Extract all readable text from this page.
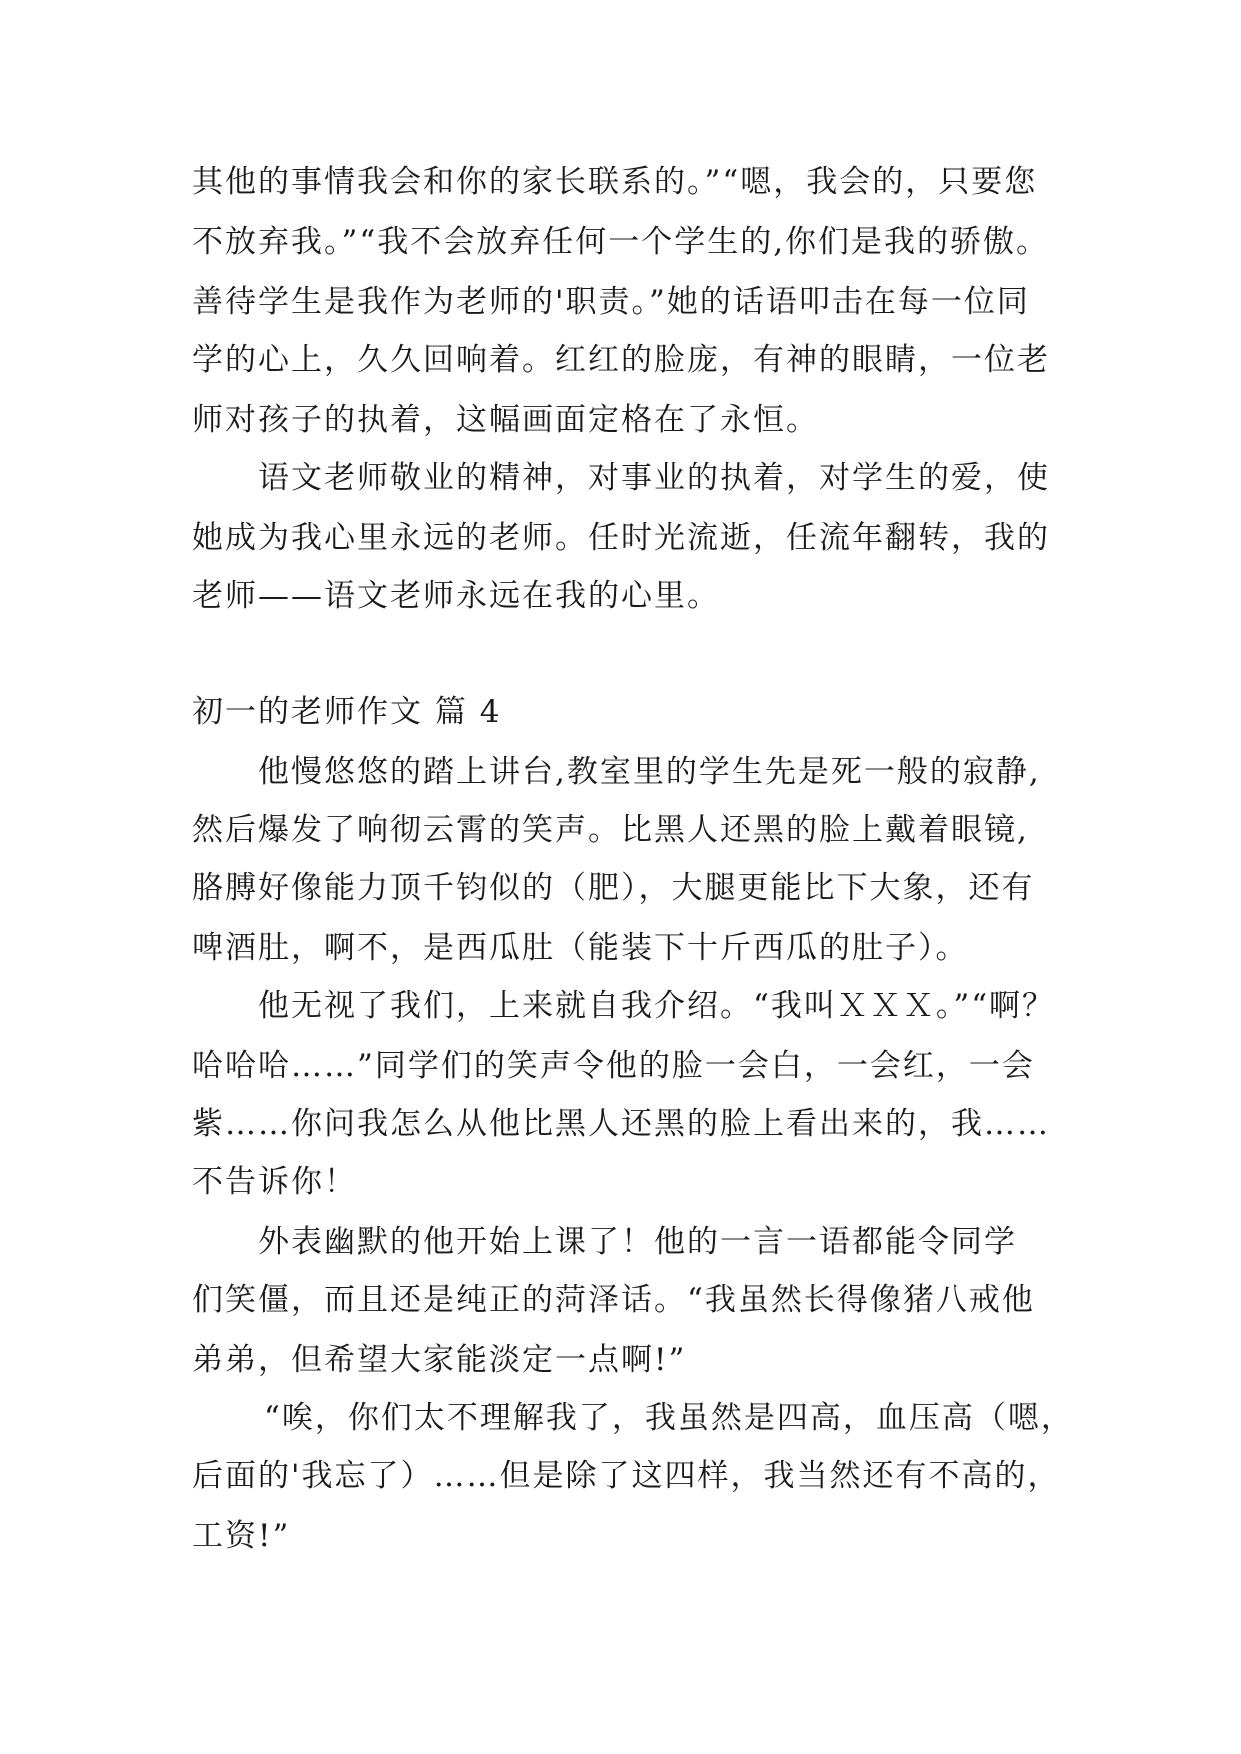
其他的事情我会和你的家长联系的。”“嗯，我会的，只要您
不放弃我。”“我不会放弃任何一个学生的,你们是我的骄傲。
善待学生是我作为老师的'职责。”她的话语叩击在每一位同
学的心上，久久回响着。红红的脸庞，有神的眼睛，一位老
师对孩子的执着，这幅画面定格在了永恒。
语文老师敬业的精神，对事业的执着，对学生的爱，使
她成为我心里永远的老师。任时光流逝，任流年翻转，我的
老师——语文老师永远在我的心里。
初一的老师作文 篇 4
他慢悠悠的踏上讲台,教室里的学生先是死一般的寂静,
然后爆发了响彻云霄的笑声。比黑人还黑的脸上戴着眼镜,
胳膊好像能力顶千钧似的（肥），大腿更能比下大象，还有
啤酒肚，啊不，是西瓜肚（能装下十斤西瓜的肚子）。
他无视了我们，上来就自我介绍。“我叫ＸＸＸ。”“啊？
哈哈哈……”同学们的笑声令他的脸一会白，一会红，一会
紫……你问我怎么从他比黑人还黑的脸上看出来的，我……
不告诉你！
外表幽默的他开始上课了！他的一言一语都能令同学
们笑僵，而且还是纯正的菏泽话。“我虽然长得像猪八戒他
弟弟，但希望大家能淡定一点啊!”
“唉，你们太不理解我了，我虽然是四高，血压高（嗯，
后面的'我忘了）……但是除了这四样，我当然还有不高的，
工资!”
